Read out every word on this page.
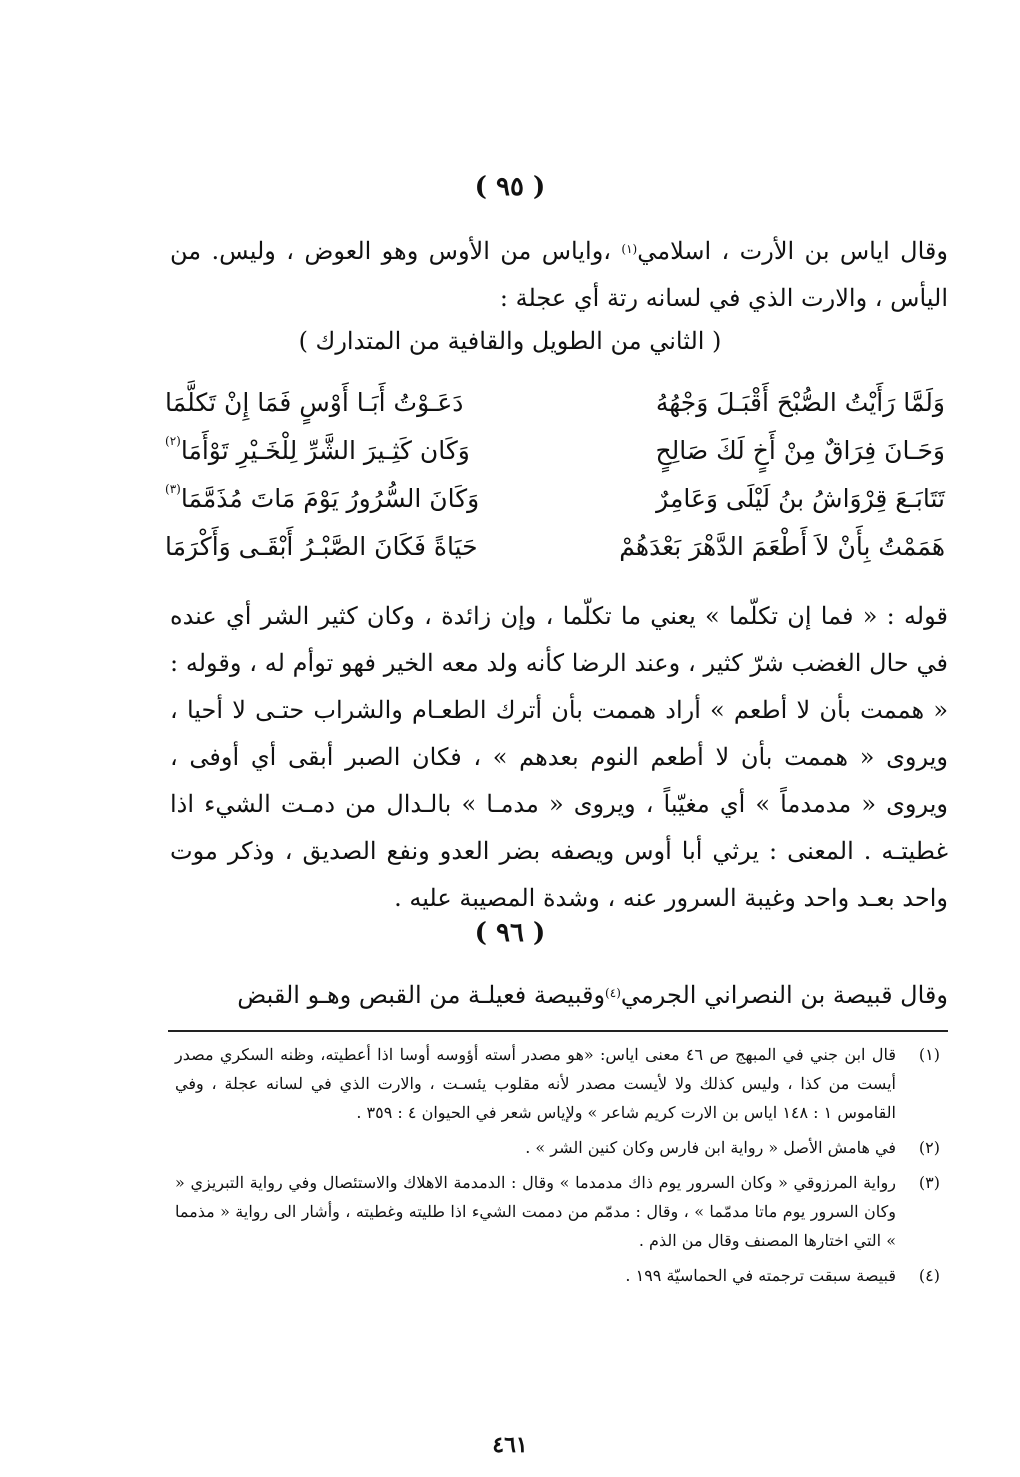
( ٩٥ )
وقال اياس بن الأرت ، اسلامي$^{(١)}$ ،واياس من الأوس وهو العوض ، وليس. من اليأس ، والارت الذي في لسانه رتة أي عجلة :
( الثاني من الطويل والقافية من المتدارك )
وَلَمَّا رَأَيْتُ الصُّبْحَ أَقْبَـلَ وَجْهُهُ
دَعَـوْتُ أَبَـا أَوْسٍ فَمَا إِنْ تَكلَّمَا
وَحَـانَ فِرَاقٌ مِنْ أَخٍ لَكَ صَالِحٍ
وَكَان كَثِـيرَ الشَّرِّ لِلْخَـيْرِ تَوْأَمَا$^{(٢)}$
تَتَابَـعَ قِرْوَاشُ بنُ لَيْلَى وَعَامِرٌ
وَكَانَ السُّرُورُ يَوْمَ مَاتَ مُذَمَّمَا$^{(٣)}$
هَمَمْتُ بِأَنْ لاَ أَطْعَمَ الدَّهْرَ بَعْدَهُمْ
حَيَاةً فَكَانَ الصَّبْـرُ أَبْقَـى وَأَكْرَمَا
قوله : « فما إن تكلّما » يعني ما تكلّما ، وإن زائدة ، وكان كثير الشر أي عنده في حال الغضب شرّ كثير ، وعند الرضا كأنه ولد معه الخير فهو توأم له ، وقوله : « هممت بأن لا أطعم » أراد هممت بأن أترك الطعـام والشراب حتـى لا أحيا ، ويروى « هممت بأن لا أطعم النوم بعدهم » ، فكان الصبر أبقى أي أوفى ، ويروى « مدمدماً » أي مغيّباً ، ويروى « مدمـا » بالـدال من دمـت الشيء اذا غطيتـه . المعنى : يرثي أبا أوس ويصفه بضر العدو ونفع الصديق ، وذكر موت واحد بعـد واحد وغيبة السرور عنه ، وشدة المصيبة عليه .
( ٩٦ )
وقال قبيصة بن النصراني الجرمي$^{(٤)}$وقبيصة فعيلـة من القبص وهـو القبض
(١)
قال ابن جني في المبهج ص ٤٦ معنى اياس: «هو مصدر أسته أؤوسه أوسا اذا أعطيته، وظنه السكري مصدر أيست من كذا ، وليس كذلك ولا لأيست مصدر لأنه مقلوب يئسـت ، والارت الذي في لسانه عجلة ، وفي القاموس ١ : ١٤٨ اياس بن الارت كريم شاعر » ولإياس شعر في الحيوان ٤ : ٣٥٩ .
(٢)
في هامش الأصل « رواية ابن فارس وكان كنين الشر » .
(٣)
رواية المرزوقي « وكان السرور يوم ذاك مدمدما » وقال : الدمدمة الاهلاك والاستئصال وفي رواية التبريزي « وكان السرور يوم ماتا مدمّما » ، وقال : مدمّم من دممت الشيء اذا طليته وغطيته ، وأشار الى رواية « مذمما » التي اختارها المصنف وقال من الذم .
(٤)
قبيصة سبقت ترجمته في الحماسيّة ١٩٩ .
٤٦١
